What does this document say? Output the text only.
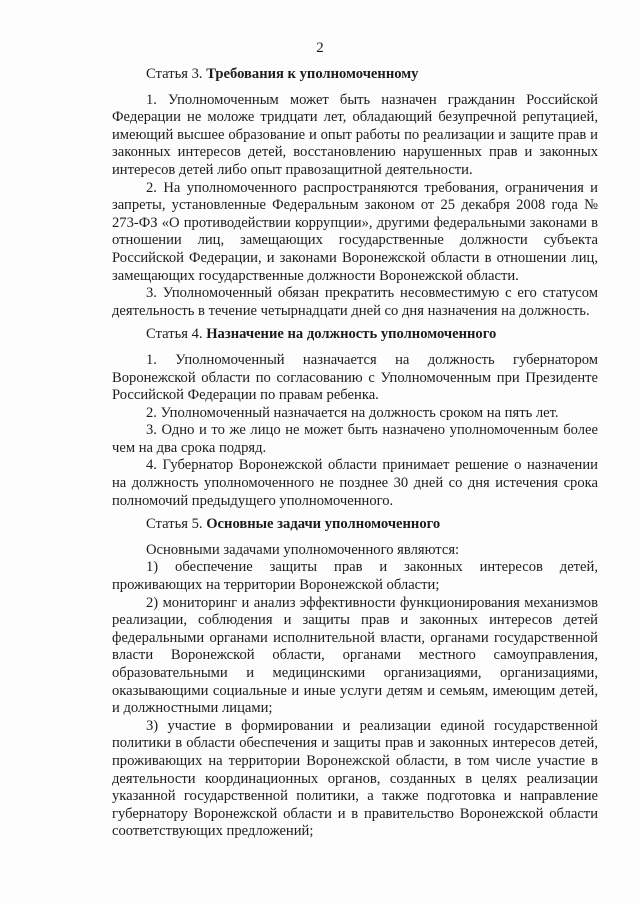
2

Статья 3. Требования к уполномоченному

1. Уполномоченным может быть назначен гражданин Российской Федерации не моложе тридцати лет, обладающий безупречной репутацией, имеющий высшее образование и опыт работы по реализации и защите прав и законных интересов детей, восстановлению нарушенных прав и законных интересов детей либо опыт правозащитной деятельности.

2. На уполномоченного распространяются требования, ограничения и запреты, установленные Федеральным законом от 25 декабря 2008 года № 273-ФЗ «О противодействии коррупции», другими федеральными законами в отношении лиц, замещающих государственные должности субъекта Российской Федерации, и законами Воронежской области в отношении лиц, замещающих государственные должности Воронежской области.

3. Уполномоченный обязан прекратить несовместимую с его статусом деятельность в течение четырнадцати дней со дня назначения на должность.

Статья 4. Назначение на должность уполномоченного

1. Уполномоченный назначается на должность губернатором Воронежской области по согласованию с Уполномоченным при Президенте Российской Федерации по правам ребенка.

2. Уполномоченный назначается на должность сроком на пять лет.

3. Одно и то же лицо не может быть назначено уполномоченным более чем на два срока подряд.

4. Губернатор Воронежской области принимает решение о назначении на должность уполномоченного не позднее 30 дней со дня истечения срока полномочий предыдущего уполномоченного.

Статья 5. Основные задачи уполномоченного

Основными задачами уполномоченного являются:

1) обеспечение защиты прав и законных интересов детей, проживающих на территории Воронежской области;

2) мониторинг и анализ эффективности функционирования механизмов реализации, соблюдения и защиты прав и законных интересов детей федеральными органами исполнительной власти, органами государственной власти Воронежской области, органами местного самоуправления, образовательными и медицинскими организациями, организациями, оказывающими социальные и иные услуги детям и семьям, имеющим детей, и должностными лицами;

3) участие в формировании и реализации единой государственной политики в области обеспечения и защиты прав и законных интересов детей, проживающих на территории Воронежской области, в том числе участие в деятельности координационных органов, созданных в целях реализации указанной государственной политики, а также подготовка и направление губернатору Воронежской области и в правительство Воронежской области соответствующих предложений;
